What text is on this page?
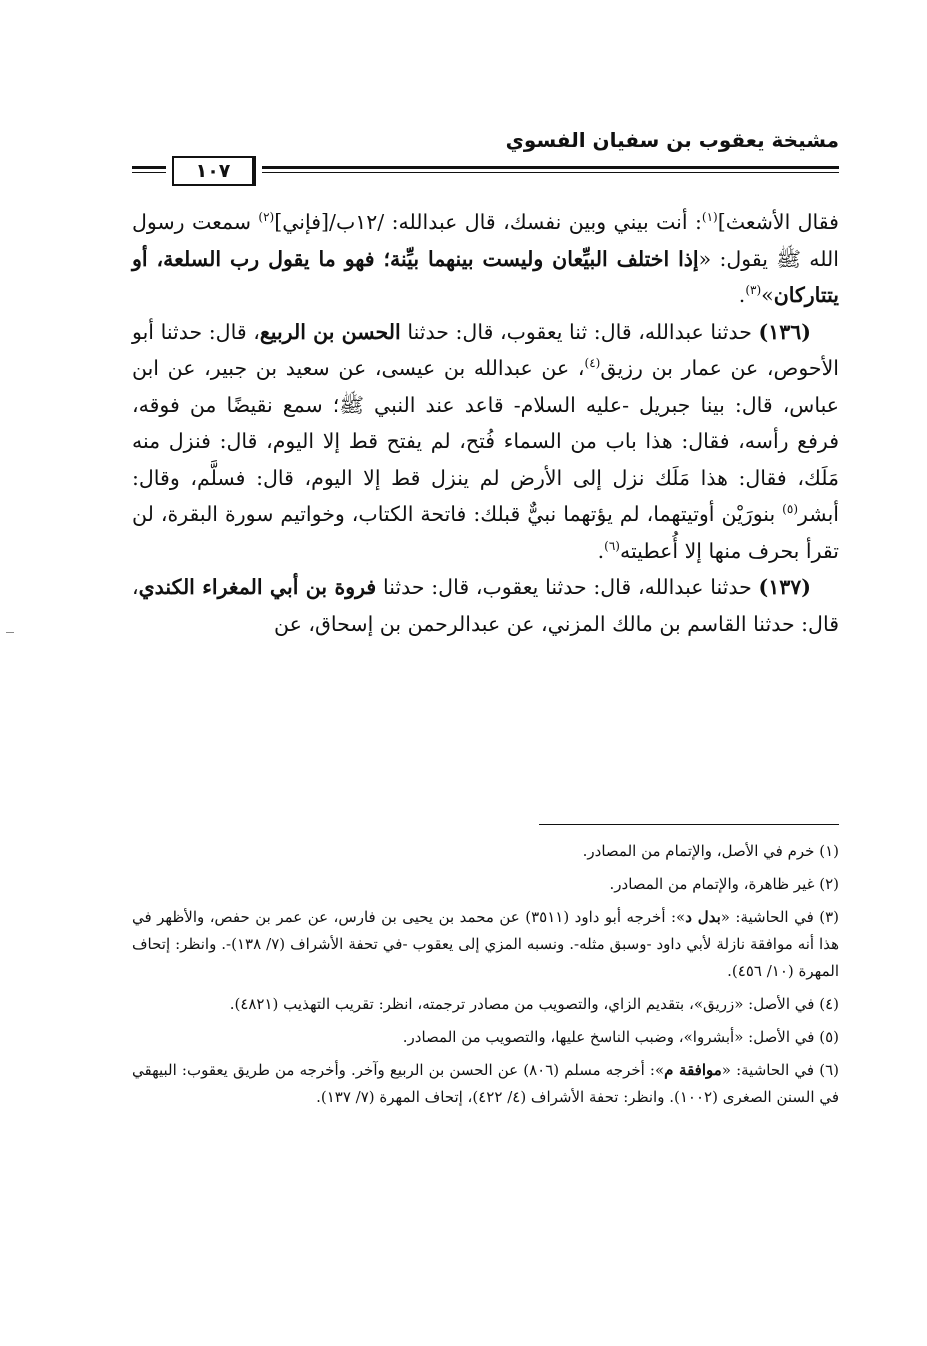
مشيخة يعقوب بن سفيان الفسوي
١٠٧

فقال الأشعث]$^{(١)}$: أنت بيني وبين نفسك، قال عبدالله: /١٢ب/[فإني]$^{(٢)}$ سمعت رسول الله ﷺ يقول: «إذا اختلف البيِّعان وليست بينهما بيِّنة؛ فهو ما يقول رب السلعة، أو يتتاركان»$^{(٣)}$.

(١٣٦) حدثنا عبدالله، قال: ثنا يعقوب، قال: حدثنا الحسن بن الربيع، قال: حدثنا أبو الأحوص، عن عمار بن رزيق$^{(٤)}$، عن عبدالله بن عيسى، عن سعيد بن جبير، عن ابن عباس، قال: بينا جبريل -عليه السلام- قاعد عند النبي ﷺ؛ سمع نقيضًا من فوقه، فرفع رأسه، فقال: هذا باب من السماء فُتح، لم يفتح قط إلا اليوم، قال: فنزل منه مَلَك، فقال: هذا مَلَك نزل إلى الأرض لم ينزل قط إلا اليوم، قال: فسلَّم، وقال: أبشر$^{(٥)}$ بنورَيْن أوتيتهما، لم يؤتهما نبيٌّ قبلك: فاتحة الكتاب، وخواتيم سورة البقرة، لن تقرأ بحرف منها إلا أُعطيته$^{(٦)}$.

(١٣٧) حدثنا عبدالله، قال: حدثنا يعقوب، قال: حدثنا فروة بن أبي المغراء الكندي، قال: حدثنا القاسم بن مالك المزني، عن عبدالرحمن بن إسحاق، عن

(١) خرم في الأصل، والإتمام من المصادر.

(٢) غير ظاهرة، والإتمام من المصادر.

(٣) في الحاشية: «بدل د»: أخرجه أبو داود (٣٥١١) عن محمد بن يحيى بن فارس، عن عمر بن حفص، والأظهر في هذا أنه موافقة نازلة لأبي داود -وسبق مثله-. ونسبه المزي إلى يعقوب -في تحفة الأشراف (٧/ ١٣٨)-. وانظر: إتحاف المهرة (١٠/ ٤٥٦).

(٤) في الأصل: «زريق»، بتقديم الزاي، والتصويب من مصادر ترجمته، انظر: تقريب التهذيب (٤٨٢١).

(٥) في الأصل: «أبشروا»، وضبب الناسخ عليها، والتصويب من المصادر.

(٦) في الحاشية: «موافقة م»: أخرجه مسلم (٨٠٦) عن الحسن بن الربيع وآخر. وأخرجه من طريق يعقوب: البيهقي في السنن الصغرى (١٠٠٢). وانظر: تحفة الأشراف (٤/ ٤٢٢)، إتحاف المهرة (٧/ ١٣٧).
